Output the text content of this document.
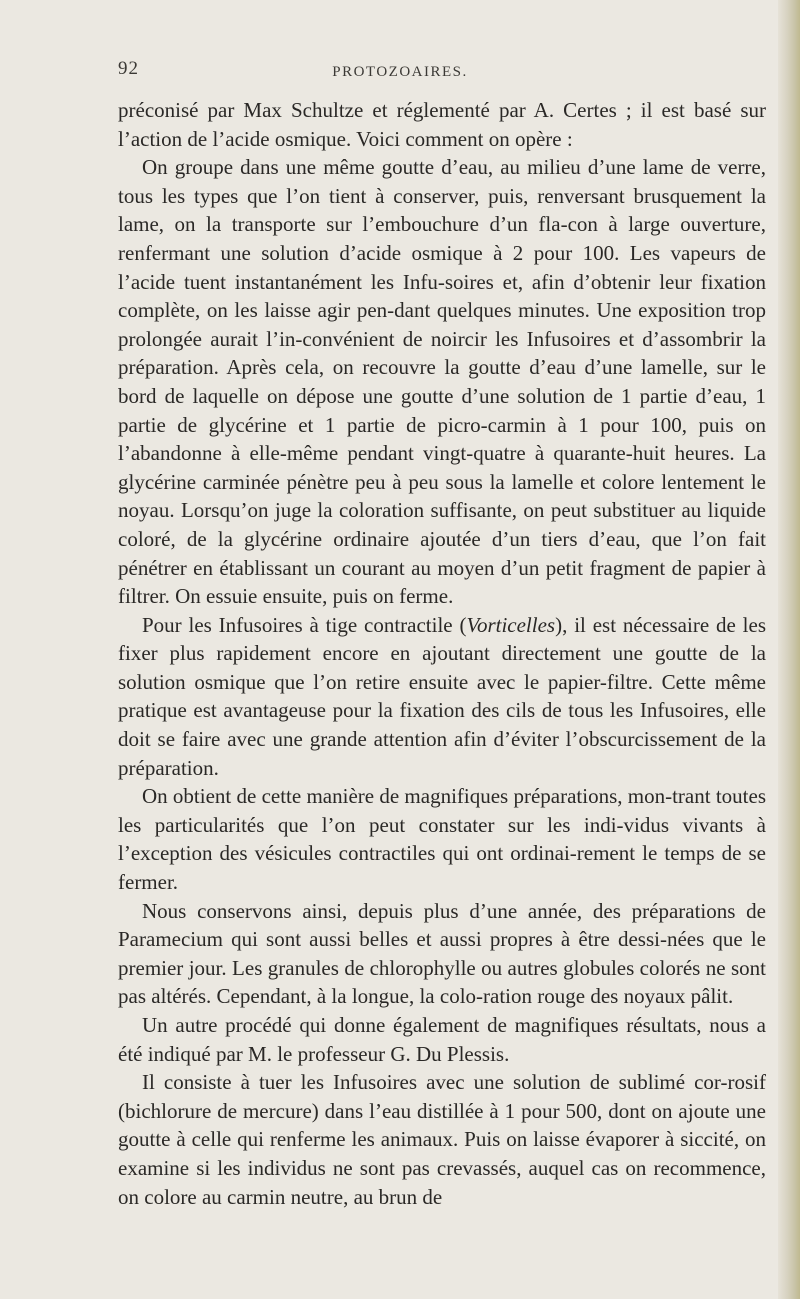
92	PROTOZOAIRES.

préconisé par Max Schultze et réglementé par A. Certes ; il est basé sur l’action de l’acide osmique. Voici comment on opère :

On groupe dans une même goutte d’eau, au milieu d’une lame de verre, tous les types que l’on tient à conserver, puis, renversant brusquement la lame, on la transporte sur l’embouchure d’un fla-con à large ouverture, renfermant une solution d’acide osmique à 2 pour 100. Les vapeurs de l’acide tuent instantanément les Infu-soires et, afin d’obtenir leur fixation complète, on les laisse agir pen-dant quelques minutes. Une exposition trop prolongée aurait l’in-convénient de noircir les Infusoires et d’assombrir la préparation. Après cela, on recouvre la goutte d’eau d’une lamelle, sur le bord de laquelle on dépose une goutte d’une solution de 1 partie d’eau, 1 partie de glycérine et 1 partie de picro-carmin à 1 pour 100, puis on l’abandonne à elle-même pendant vingt-quatre à quarante-huit heures. La glycérine carminée pénètre peu à peu sous la lamelle et colore lentement le noyau. Lorsqu’on juge la coloration suffisante, on peut substituer au liquide coloré, de la glycérine ordinaire ajoutée d’un tiers d’eau, que l’on fait pénétrer en établissant un courant au moyen d’un petit fragment de papier à filtrer. On essuie ensuite, puis on ferme.

Pour les Infusoires à tige contractile (Vorticelles), il est nécessaire de les fixer plus rapidement encore en ajoutant directement une goutte de la solution osmique que l’on retire ensuite avec le papier-filtre. Cette même pratique est avantageuse pour la fixation des cils de tous les Infusoires, elle doit se faire avec une grande attention afin d’éviter l’obscurcissement de la préparation.

On obtient de cette manière de magnifiques préparations, mon-trant toutes les particularités que l’on peut constater sur les indi-vidus vivants à l’exception des vésicules contractiles qui ont ordinai-rement le temps de se fermer.

Nous conservons ainsi, depuis plus d’une année, des préparations de Paramecium qui sont aussi belles et aussi propres à être dessi-nées que le premier jour. Les granules de chlorophylle ou autres globules colorés ne sont pas altérés. Cependant, à la longue, la colo-ration rouge des noyaux pâlit.

Un autre procédé qui donne également de magnifiques résultats, nous a été indiqué par M. le professeur G. Du Plessis.

Il consiste à tuer les Infusoires avec une solution de sublimé cor-rosif (bichlorure de mercure) dans l’eau distillée à 1 pour 500, dont on ajoute une goutte à celle qui renferme les animaux. Puis on laisse évaporer à siccité, on examine si les individus ne sont pas crevassés, auquel cas on recommence, on colore au carmin neutre, au brun de
